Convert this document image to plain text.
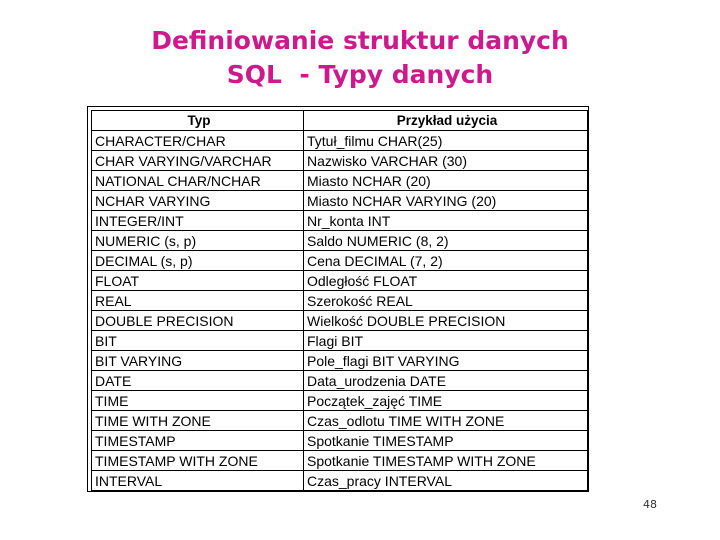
Definiowanie struktur danych
SQL  - Typy danych
Typ	Przykład użycia
CHARACTER/CHAR	Tytuł_filmu CHAR(25)
CHAR VARYING/VARCHAR	Nazwisko VARCHAR (30)
NATIONAL CHAR/NCHAR	Miasto NCHAR (20)
NCHAR VARYING	Miasto NCHAR VARYING (20)
INTEGER/INT	Nr_konta INT
NUMERIC (s, p)	Saldo NUMERIC (8, 2)
DECIMAL (s, p)	Cena DECIMAL (7, 2)
FLOAT	Odległość FLOAT
REAL	Szerokość REAL
DOUBLE PRECISION	Wielkość DOUBLE PRECISION
BIT	Flagi BIT
BIT VARYING	Pole_flagi BIT VARYING
DATE	Data_urodzenia DATE
TIME	Początek_zajęć TIME
TIME WITH ZONE	Czas_odlotu TIME WITH ZONE
TIMESTAMP	Spotkanie TIMESTAMP
TIMESTAMP WITH ZONE	Spotkanie TIMESTAMP WITH ZONE
INTERVAL	Czas_pracy INTERVAL
48
